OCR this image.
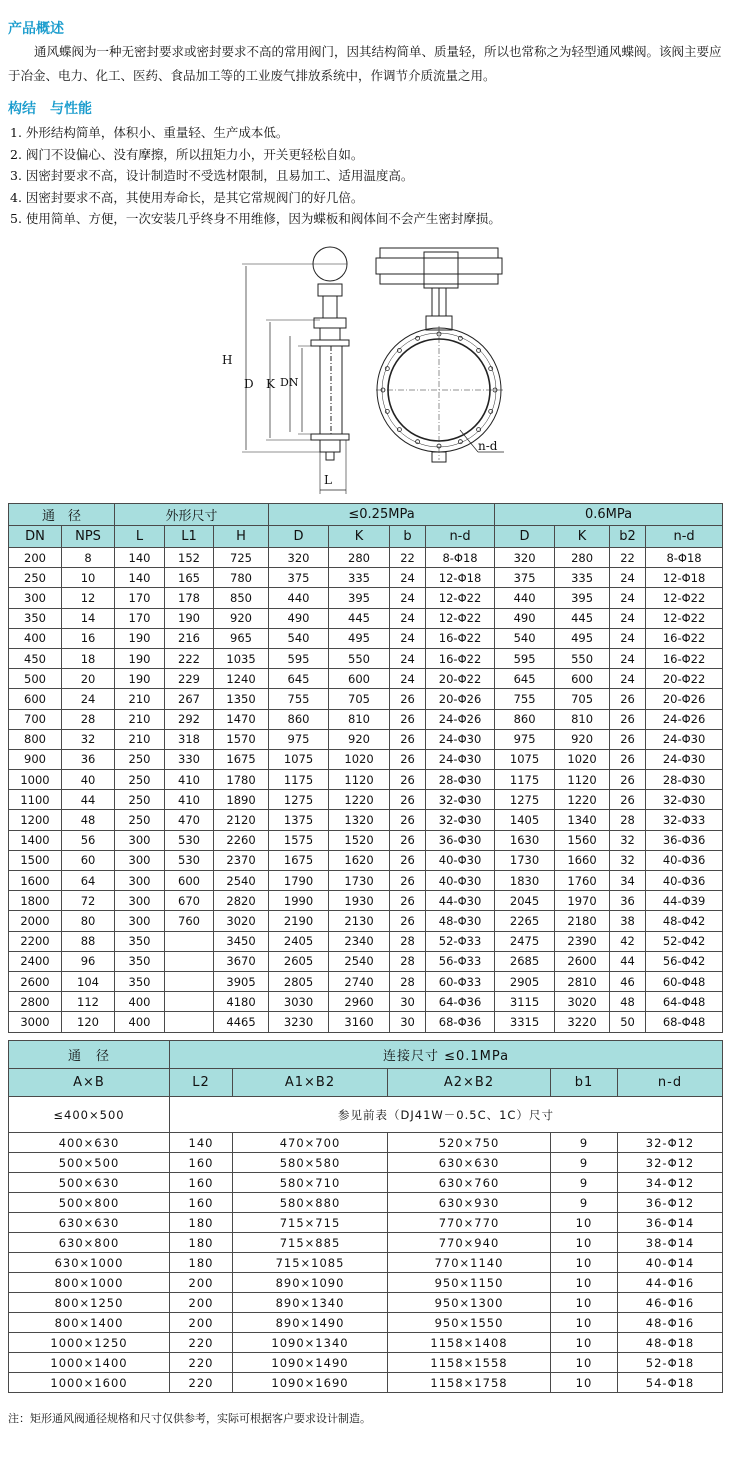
产品概述

通风蝶阀为一种无密封要求或密封要求不高的常用阀门，因其结构简单、质量轻，所以也常称之为轻型通风蝶阀。该阀主要应于冶金、电力、化工、医药、食品加工等的工业废气排放系统中，作调节介质流量之用。

构结　与性能
1. 外形结构简单，体积小、重量轻、生产成本低。
2. 阀门不设偏心、没有摩擦，所以扭矩力小，开关更轻松自如。
3. 因密封要求不高，设计制造时不受选材限制，且易加工、适用温度高。
4. 因密封要求不高，其使用寿命长，是其它常规阀门的好几倍。
5. 使用简单、方便，一次安装几乎终身不用维修，因为蝶板和阀体间不会产生密封摩损。
H
D K DN
L
n-d
通　径		外形尺寸			≤0.25MPa				0.6MPa			
DN	NPS	L	L1	H	D	K	b	n-d	D	K	b2	n-d
200	8	140	152	725	320	280	22	8-Φ18	320	280	22	8-Φ18
250	10	140	165	780	375	335	24	12-Φ18	375	335	24	12-Φ18
300	12	170	178	850	440	395	24	12-Φ22	440	395	24	12-Φ22
350	14	170	190	920	490	445	24	12-Φ22	490	445	24	12-Φ22
400	16	190	216	965	540	495	24	16-Φ22	540	495	24	16-Φ22
450	18	190	222	1035	595	550	24	16-Φ22	595	550	24	16-Φ22
500	20	190	229	1240	645	600	24	20-Φ22	645	600	24	20-Φ22
600	24	210	267	1350	755	705	26	20-Φ26	755	705	26	20-Φ26
700	28	210	292	1470	860	810	26	24-Φ26	860	810	26	24-Φ26
800	32	210	318	1570	975	920	26	24-Φ30	975	920	26	24-Φ30
900	36	250	330	1675	1075	1020	26	24-Φ30	1075	1020	26	24-Φ30
1000	40	250	410	1780	1175	1120	26	28-Φ30	1175	1120	26	28-Φ30
1100	44	250	410	1890	1275	1220	26	32-Φ30	1275	1220	26	32-Φ30
1200	48	250	470	2120	1375	1320	26	32-Φ30	1405	1340	28	32-Φ33
1400	56	300	530	2260	1575	1520	26	36-Φ30	1630	1560	32	36-Φ36
1500	60	300	530	2370	1675	1620	26	40-Φ30	1730	1660	32	40-Φ36
1600	64	300	600	2540	1790	1730	26	40-Φ30	1830	1760	34	40-Φ36
1800	72	300	670	2820	1990	1930	26	44-Φ30	2045	1970	36	44-Φ39
2000	80	300	760	3020	2190	2130	26	48-Φ30	2265	2180	38	48-Φ42
2200	88	350		3450	2405	2340	28	52-Φ33	2475	2390	42	52-Φ42
2400	96	350		3670	2605	2540	28	56-Φ33	2685	2600	44	56-Φ42
2600	104	350		3905	2805	2740	28	60-Φ33	2905	2810	46	60-Φ48
2800	112	400		4180	3030	2960	30	64-Φ36	3115	3020	48	64-Φ48
3000	120	400		4465	3230	3160	30	68-Φ36	3315	3220	50	68-Φ48
通　径	连接尺寸 ≤0.1MPa				
A×B	L2	A1×B2	A2×B2	b1	n-d
≤400×500	参见前表（DJ41W－0.5C、1C）尺寸				
400×630	140	470×700	520×750	9	32-Φ12
500×500	160	580×580	630×630	9	32-Φ12
500×630	160	580×710	630×760	9	34-Φ12
500×800	160	580×880	630×930	9	36-Φ12
630×630	180	715×715	770×770	10	36-Φ14
630×800	180	715×885	770×940	10	38-Φ14
630×1000	180	715×1085	770×1140	10	40-Φ14
800×1000	200	890×1090	950×1150	10	44-Φ16
800×1250	200	890×1340	950×1300	10	46-Φ16
800×1400	200	890×1490	950×1550	10	48-Φ16
1000×1250	220	1090×1340	1158×1408	10	48-Φ18
1000×1400	220	1090×1490	1158×1558	10	52-Φ18
1000×1600	220	1090×1690	1158×1758	10	54-Φ18
注：矩形通风阀通径规格和尺寸仅供参考，实际可根据客户要求设计制造。
